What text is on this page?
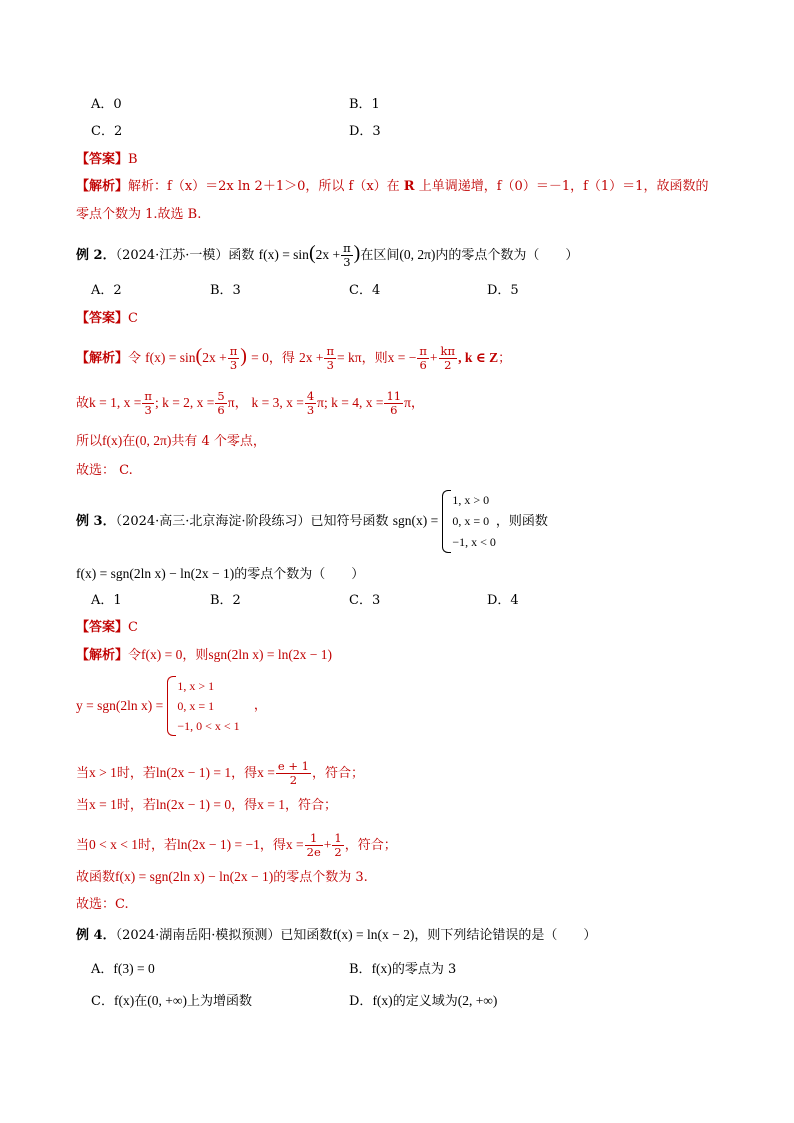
A．0	B．1
C．2	D．3
【答案】B
【解析】解析：f（x）＝2x ln 2＋1＞0，所以 f（x）在 R 上单调递增，f（0）＝－1，f（1）＝1，故函数的
零点个数为 1.故选 B.
例 2．（2024·江苏·一模）函数 $f(x) = \sin(2x + \frac{\pi}{3}$ )在区间(0, 2π)内的零点个数为（　　）
A．2	B．3	C．4	D．5
【答案】C
【解析】令 $f(x) = \sin(2x + \frac{\pi}{3}$ ) = 0，得 $2x + \frac{\pi}{3} = k\pi$，则x = − $\frac{\pi}{6} + \frac{k\pi}{2}$ , k ∈ Z；
故k = 1, $x = \frac{\pi}{3}$ ; k = 2, $x = \frac{5}{6}$ π， k = 3, $x = \frac{4}{3} \pi$; k = 4, $x = \frac{11}{6}$ π，
所以f(x)在(0, 2π)共有 4 个零点，
故选： C.
例 3．（2024·高三·北京海淀·阶段练习）已知符号函数 sgn(x) =
1, x > 0
0, x = 0
−1, x < 0
，则函数
f(x) = sgn(2ln x) − ln(2x − 1)的零点个数为（　　）
A．1	B．2	C．3	D．4
【答案】C
【解析】令f(x) = 0，则sgn(2ln x) = ln(2x − 1)
y = sgn(2ln x) =
1, x > 1
0, x = 1
−1, 0 < x < 1
，
当x > 1时，若ln(2x − 1) = 1，得$x = \frac{e + 1}{2}$ ，符合；
当x = 1时，若ln(2x − 1) = 0，得x = 1，符合；
当0 < x < 1时，若ln(2x − 1) = −1，得$x = \frac{1}{2e} + \frac{1}{2}$ ，符合；
故函数f(x) = sgn(2ln x) − ln(2x − 1)的零点个数为 3.
故选：C.
例 4．（2024·湖南岳阳·模拟预测）已知函数f(x) = ln(x − 2)，则下列结论错误的是（　　）
A．f(3) = 0	B．f(x)的零点为 3
C．f(x)在(0, +∞)上为增函数	D．f(x)的定义域为(2, +∞)
